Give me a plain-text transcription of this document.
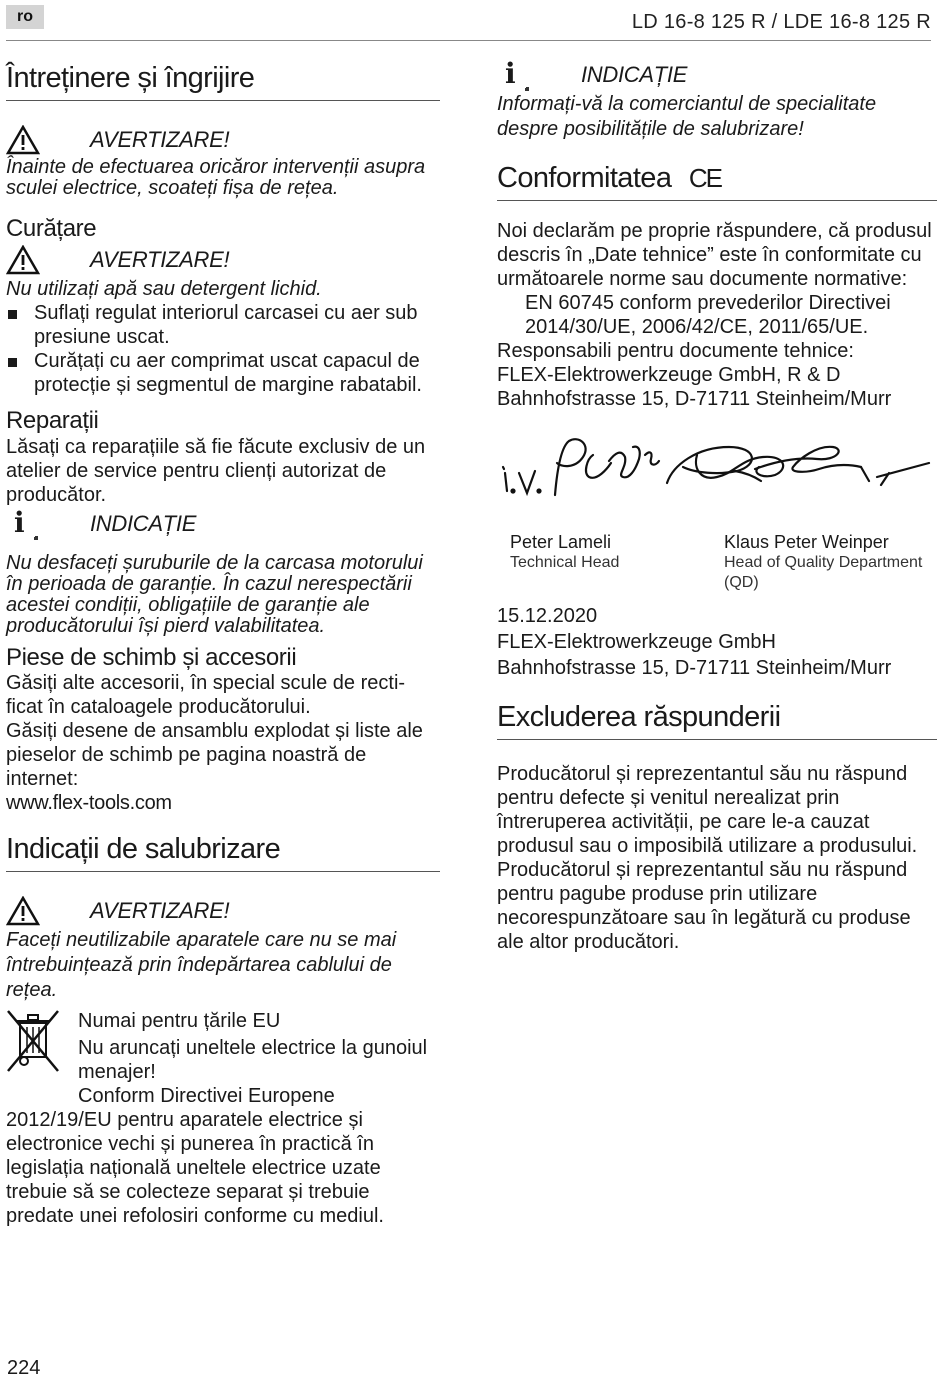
ro	LD 16-8 125 R / LDE 16-8 125 R
Întreținere și îngrijire
AVERTIZARE!
Înainte de efectuarea oricăror intervenții asupra sculei electrice, scoateți fișa de rețea.
Curățare
AVERTIZARE!
Nu utilizați apă sau detergent lichid.
Suflați regulat interiorul carcasei cu aer sub presiune uscat.
Curățați cu aer comprimat uscat capacul de protecție și segmentul de margine rabatabil.
Reparații
Lăsați ca reparațiile să fie făcute exclusiv de un atelier de service pentru clienți autorizat de producător.
i	INDICAȚIE
Nu desfaceți șuruburile de la carcasa motorului în perioada de garanție. În cazul nerespectării acestei condiții, obligațiile de garanție ale producătorului își pierd valabilitatea.
Piese de schimb și accesorii
Găsiți alte accesorii, în special scule de recti-ficat în cataloagele producătorului.
Găsiți desene de ansamblu explodat și liste ale pieselor de schimb pe pagina noastră de internet:
www.flex-tools.com
Indicații de salubrizare
AVERTIZARE!
Faceți neutilizabile aparatele care nu se mai întrebuințează prin îndepărtarea cablului de rețea.
Numai pentru țările EU
Nu aruncați uneltele electrice la gunoiul menajer!
Conform Directivei Europene
2012/19/EU pentru aparatele electrice și electronice vechi și punerea în practică în legislația națională uneltele electrice uzate trebuie să se colecteze separat și trebuie predate unei refolosiri conforme cu mediul.
i	INDICAȚIE
Informați-vă la comerciantul de specialitate despre posibilitățile de salubrizare!
Conformitatea CE
Noi declarăm pe proprie răspundere, că produsul descris în „Date tehnice” este în conformitate cu următoarele norme sau documente normative:
EN 60745 conform prevederilor Directivei 2014/30/UE, 2006/42/CE, 2011/65/UE.
Responsabili pentru documente tehnice:
FLEX-Elektrowerkzeuge GmbH, R & D
Bahnhofstrasse 15, D-71711 Steinheim/Murr
Peter Lameli
Technical Head
Klaus Peter Weinper
Head of Quality Department (QD)
15.12.2020
FLEX-Elektrowerkzeuge GmbH
Bahnhofstrasse 15, D-71711 Steinheim/Murr
Excluderea răspunderii
Producătorul și reprezentantul său nu răspund pentru defecte și venitul nerealizat prin întreruperea activității, pe care le-a cauzat produsul sau o imposibilă utilizare a produsului.
Producătorul și reprezentantul său nu răspund pentru pagube produse prin utilizare necorespunzătoare sau în legătură cu produse ale altor producători.
224
